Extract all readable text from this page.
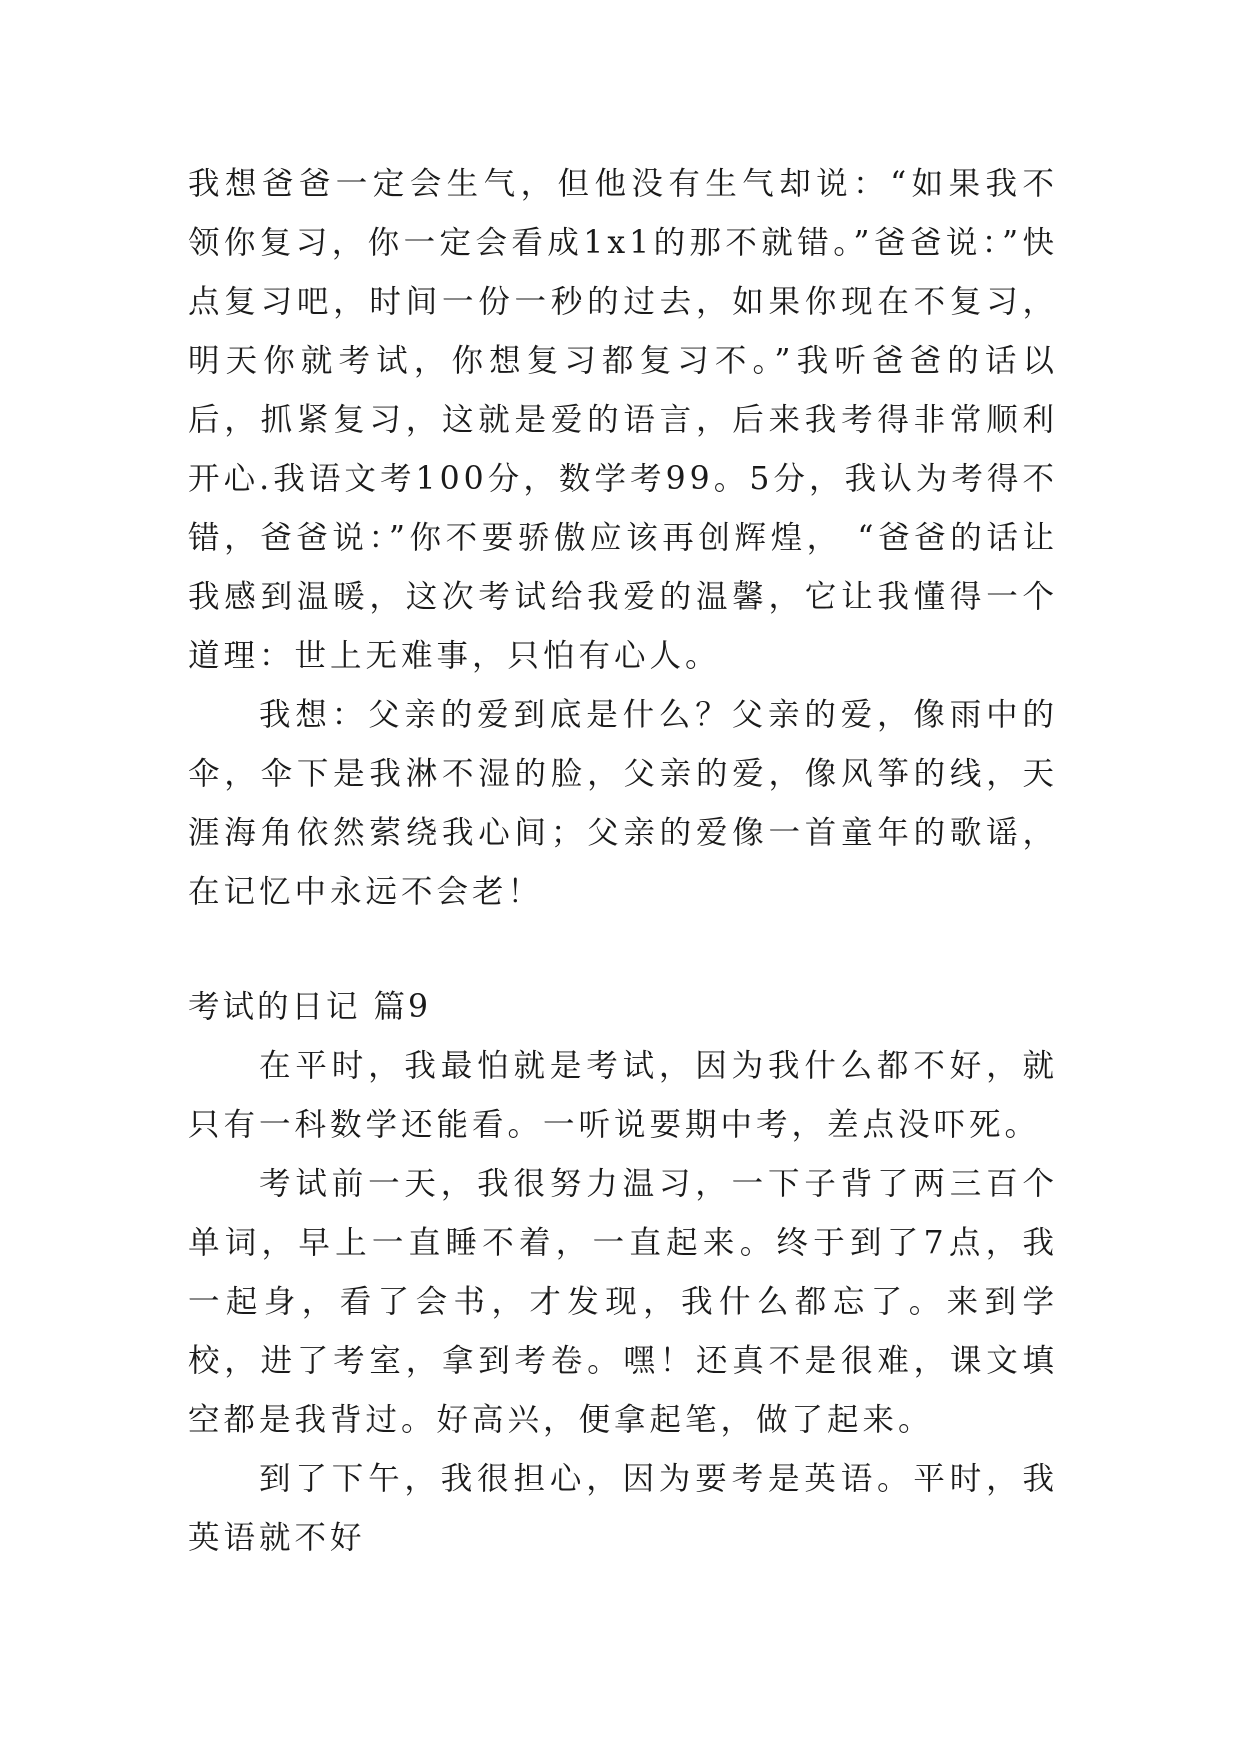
我想爸爸一定会生气，但他没有生气却说：“如果我不领你复习，你一定会看成1x1的那不就错。”爸爸说：”快点复习吧，时间一份一秒的过去，如果你现在不复习，明天你就考试，你想复习都复习不。”我听爸爸的话以后，抓紧复习，这就是爱的语言，后来我考得非常顺利开心.我语文考100分，数学考99。5分，我认为考得不错，爸爸说：”你不要骄傲应该再创辉煌， “爸爸的话让我感到温暖，这次考试给我爱的温馨，它让我懂得一个道理：世上无难事，只怕有心人。

我想：父亲的爱到底是什么？父亲的爱，像雨中的伞，伞下是我淋不湿的脸，父亲的爱，像风筝的线，天涯海角依然萦绕我心间；父亲的爱像一首童年的歌谣，在记忆中永远不会老！

考试的日记 篇9

在平时，我最怕就是考试，因为我什么都不好，就只有一科数学还能看。一听说要期中考，差点没吓死。

考试前一天，我很努力温习，一下子背了两三百个单词，早上一直睡不着，一直起来。终于到了7点，我一起身，看了会书，才发现，我什么都忘了。来到学校，进了考室，拿到考卷。嘿！还真不是很难，课文填空都是我背过。好高兴，便拿起笔，做了起来。

到了下午，我很担心，因为要考是英语。平时，我英语就不好
